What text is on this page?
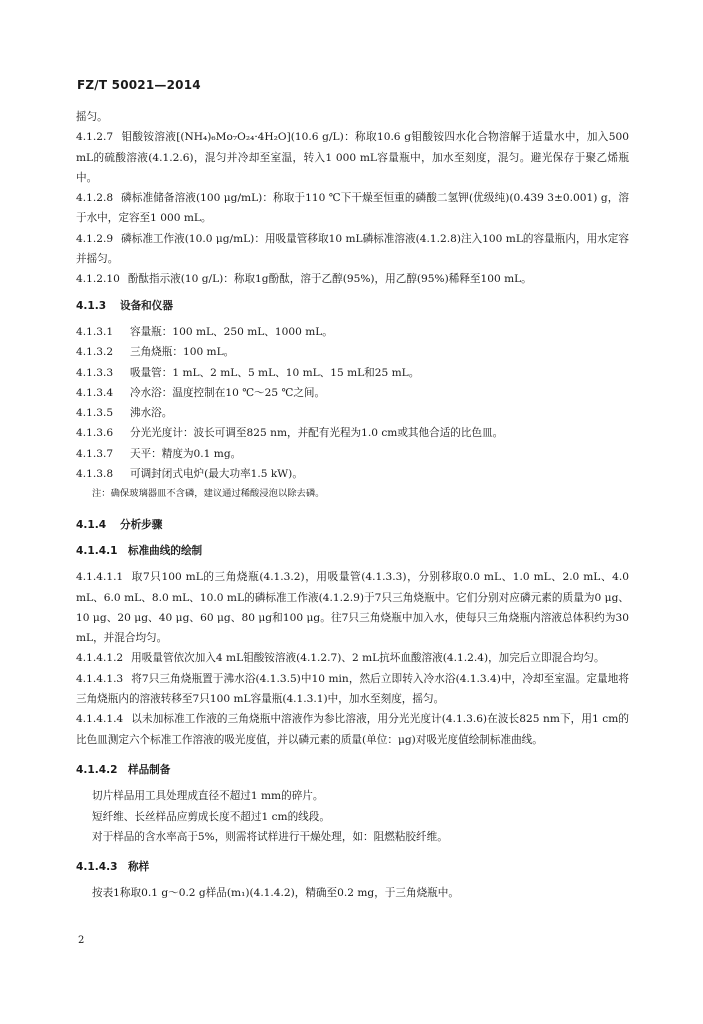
FZ/T 50021—2014

摇匀。

4.1.2.7 钼酸铵溶液[(NH₄)₆Mo₇O₂₄·4H₂O](10.6 g/L)：称取10.6 g钼酸铵四水化合物溶解于适量水中，加入500 mL的硫酸溶液(4.1.2.6)，混匀并冷却至室温，转入1 000 mL容量瓶中，加水至刻度，混匀。避光保存于聚乙烯瓶中。

4.1.2.8 磷标准储备溶液(100 μg/mL)：称取于110 ℃下干燥至恒重的磷酸二氢钾(优级纯)(0.439 3±0.001) g，溶于水中，定容至1 000 mL。

4.1.2.9 磷标准工作液(10.0 μg/mL)：用吸量管移取10 mL磷标准溶液(4.1.2.8)注入100 mL的容量瓶内，用水定容并摇匀。

4.1.2.10 酚酞指示液(10 g/L)：称取1g酚酞，溶于乙醇(95%)，用乙醇(95%)稀释至100 mL。

4.1.3 设备和仪器

4.1.3.1 容量瓶：100 mL、250 mL、1000 mL。

4.1.3.2 三角烧瓶：100 mL。

4.1.3.3 吸量管：1 mL、2 mL、5 mL、10 mL、15 mL和25 mL。

4.1.3.4 冷水浴：温度控制在10 ℃～25 ℃之间。

4.1.3.5 沸水浴。

4.1.3.6 分光光度计：波长可调至825 nm，并配有光程为1.0 cm或其他合适的比色皿。

4.1.3.7 天平：精度为0.1 mg。

4.1.3.8 可调封闭式电炉(最大功率1.5 kW)。

注：确保玻璃器皿不含磷，建议通过稀酸浸泡以除去磷。

4.1.4 分析步骤

4.1.4.1 标准曲线的绘制

4.1.4.1.1 取7只100 mL的三角烧瓶(4.1.3.2)，用吸量管(4.1.3.3)，分别移取0.0 mL、1.0 mL、2.0 mL、4.0 mL、6.0 mL、8.0 mL、10.0 mL的磷标准工作液(4.1.2.9)于7只三角烧瓶中。它们分别对应磷元素的质量为0 μg、10 μg、20 μg、40 μg、60 μg、80 μg和100 μg。往7只三角烧瓶中加入水，使每只三角烧瓶内溶液总体积约为30 mL，并混合均匀。

4.1.4.1.2 用吸量管依次加入4 mL钼酸铵溶液(4.1.2.7)、2 mL抗坏血酸溶液(4.1.2.4)，加完后立即混合均匀。

4.1.4.1.3 将7只三角烧瓶置于沸水浴(4.1.3.5)中10 min，然后立即转入冷水浴(4.1.3.4)中，冷却至室温。定量地将三角烧瓶内的溶液转移至7只100 mL容量瓶(4.1.3.1)中，加水至刻度，摇匀。

4.1.4.1.4 以未加标准工作液的三角烧瓶中溶液作为参比溶液，用分光光度计(4.1.3.6)在波长825 nm下，用1 cm的比色皿测定六个标准工作溶液的吸光度值，并以磷元素的质量(单位：μg)对吸光度值绘制标准曲线。

4.1.4.2 样品制备

切片样品用工具处理成直径不超过1 mm的碎片。

短纤维、长丝样品应剪成长度不超过1 cm的线段。

对于样品的含水率高于5%，则需将试样进行干燥处理，如：阻燃粘胶纤维。

4.1.4.3 称样

按表1称取0.1 g～0.2 g样品(m₁)(4.1.4.2)，精确至0.2 mg，于三角烧瓶中。

2
